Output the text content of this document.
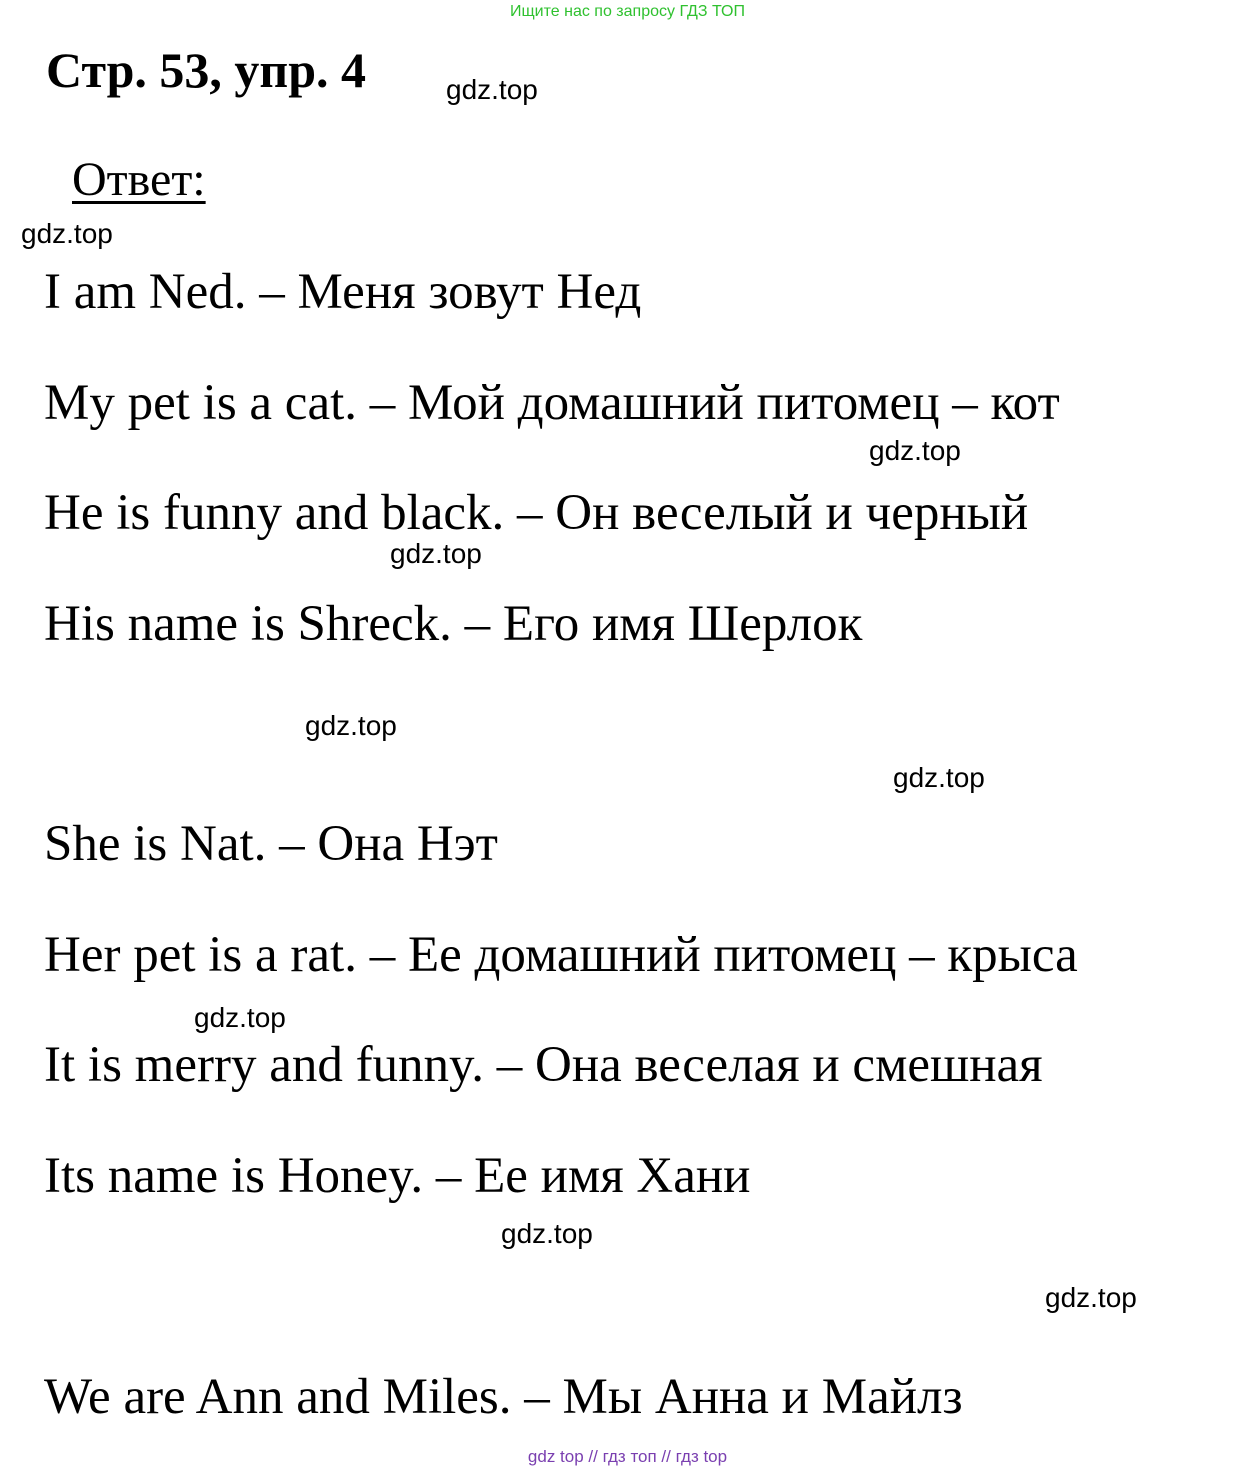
Ищите нас по запросу ГДЗ ТОП
Стр. 53, упр. 4	gdz.top
Ответ:
gdz.top
I am Ned. – Меня зовут Нед
My pet is a cat. – Мой домашний питомец – кот
gdz.top
He is funny and black. – Он веселый и черный
gdz.top
His name is Shreck. – Его имя Шерлок
gdz.top
gdz.top
She is Nat. – Она Нэт
Her pet is a rat. – Ее домашний питомец – крыса
gdz.top
It is merry and funny. – Она веселая и смешная
Its name is Honey. – Ее имя Хани
gdz.top
gdz.top
We are Ann and Miles. – Мы Анна и Майлз
gdz top // гдз топ // гдз top
